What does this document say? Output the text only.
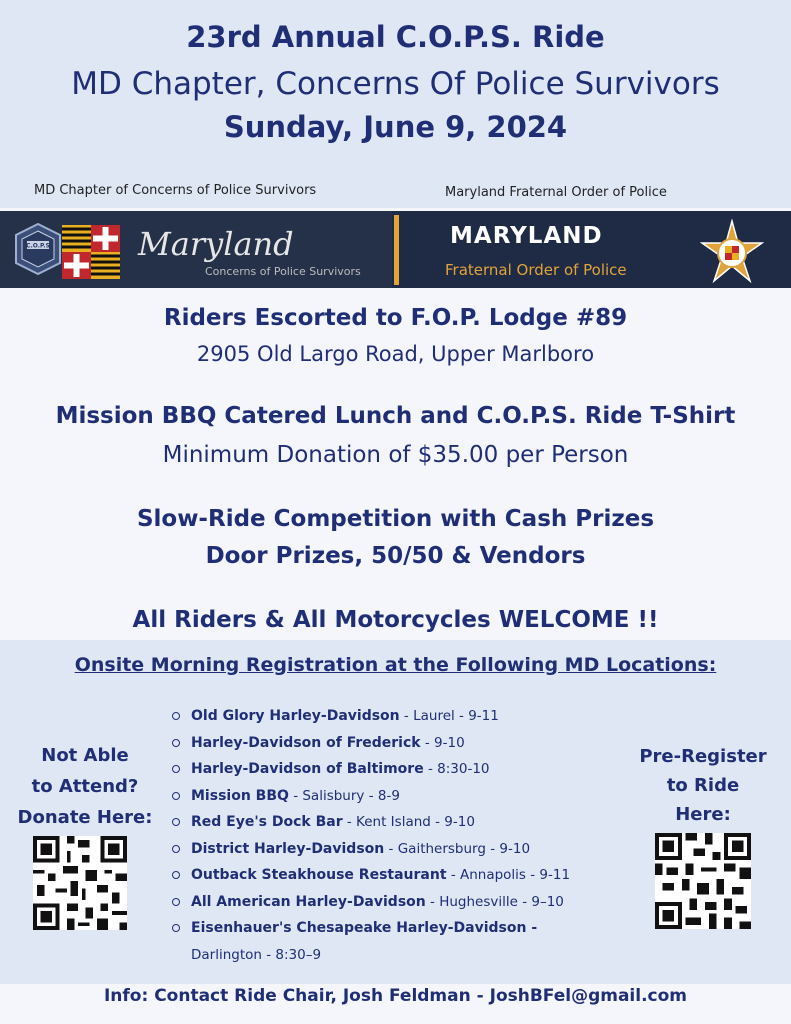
23rd Annual C.O.P.S. Ride
MD Chapter, Concerns Of Police Survivors
Sunday, June 9, 2024
MD Chapter of Concerns of Police Survivors	Maryland Fraternal Order of Police
C.O.P.S	Maryland
Concerns of Police Survivors
MARYLAND
Fraternal Order of Police
Riders Escorted to F.O.P. Lodge #89
2905 Old Largo Road, Upper Marlboro
Mission BBQ Catered Lunch and C.O.P.S. Ride T-Shirt
Minimum Donation of $35.00 per Person
Slow-Ride Competition with Cash Prizes
Door Prizes, 50/50 & Vendors
All Riders & All Motorcycles WELCOME !!
Onsite Morning Registration at the Following MD Locations:
Not Able
to Attend?
Donate Here:
Old Glory Harley-Davidson - Laurel - 9-11
Harley-Davidson of Frederick - 9-10
Harley-Davidson of Baltimore - 8:30-10
Mission BBQ - Salisbury - 8-9
Red Eye's Dock Bar - Kent Island - 9-10
District Harley-Davidson - Gaithersburg - 9-10
Outback Steakhouse Restaurant - Annapolis - 9-11
All American Harley-Davidson - Hughesville - 9–10
Eisenhauer's Chesapeake Harley-Davidson -
Darlington - 8:30–9
Pre-Register
to Ride
Here:
Info: Contact Ride Chair, Josh Feldman - JoshBFel@gmail.com
